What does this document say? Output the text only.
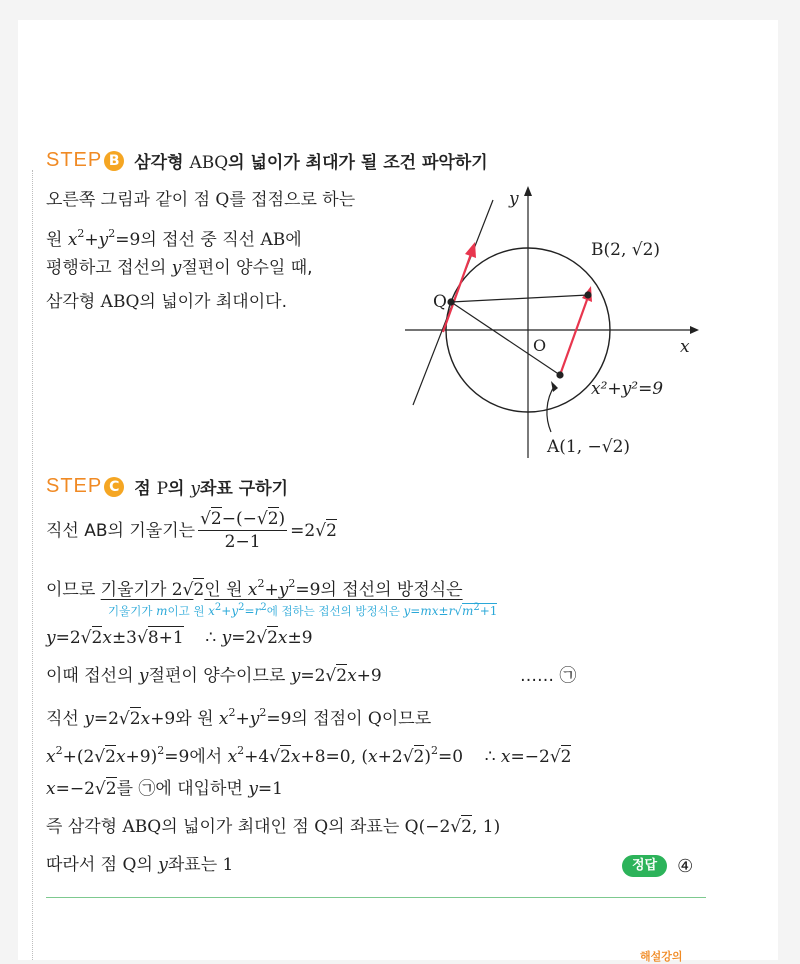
STEP B 삼각형 ABQ의 넓이가 최대가 될 조건 파악하기
오른쪽 그림과 같이 점 Q를 접점으로 하는
원 $x^2+y^2=9$의 접선 중 직선 AB에
평행하고 접선의 y절편이 양수일 때,
삼각형 ABQ의 넓이가 최대이다.
y
x
O
Q
B(2, √2)
x²+y²=9
A(1, −√2)
STEP C 점 P의 y좌표 구하기
직선 AB의 기울기는 $\frac{√2-(-√2)}{2-1} =2√2$
이므로 기울기가 2√2인 원 $x^2+y^2=9$의 접선의 방정식은
기울기가 m이고 원 $x^2+y^2=r^2$에 접하는 접선의 방정식은 $y=mx\pm r√m^2+1$
y=2√2x±3√8+1    ∴ y=2√2x±9
이때 접선의 y절편이 양수이므로 y=2√2x+9	…… ㉠
직선 y=2√2x+9와 원 $x^2+y^2=9$의 접점이 Q이므로
$x^2+(2√2x+9)^2=9$에서 $x^2+4√2x+8=0$, $(x+2√2)^2=0$    ∴ x=−2√2
x=−2√2를 ㉠에 대입하면 y=1
즉 삼각형 ABQ의 넓이가 최대인 점 Q의 좌표는 Q(−2√2, 1)
따라서 점 Q의 y좌표는 1	정답	④
해설강의
